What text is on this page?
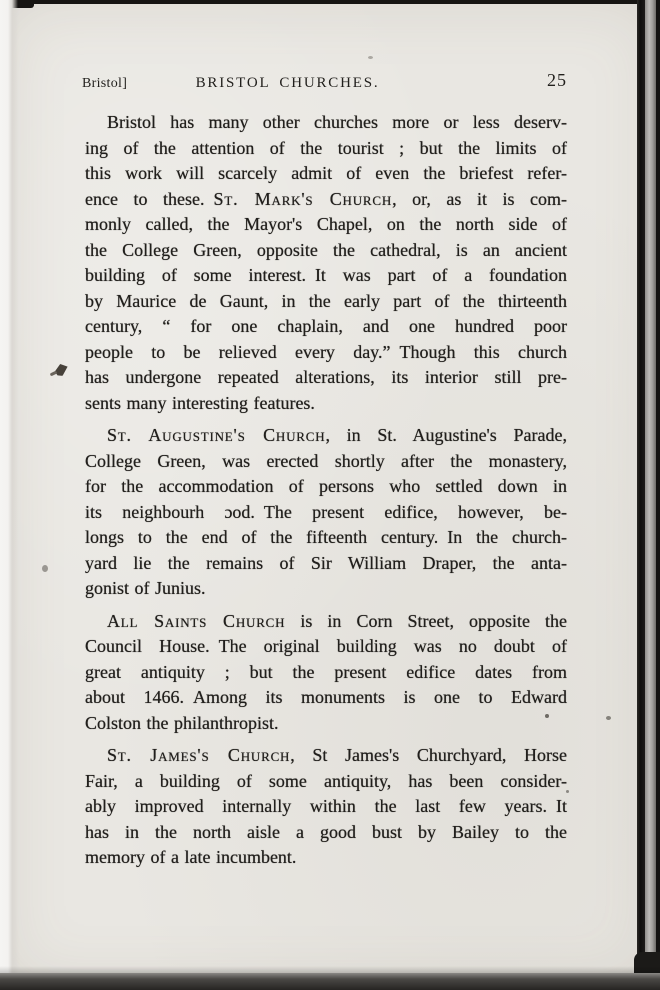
Bristol]	BRISTOL CHURCHES.	25
Bristol has many other churches more or less deserv-
ing of the attention of the tourist ; but the limits of
this work will scarcely admit of even the briefest refer-
ence to these. St. Mark's Church, or, as it is com-
monly called, the Mayor's Chapel, on the north side of
the College Green, opposite the cathedral, is an ancient
building of some interest. It was part of a foundation
by Maurice de Gaunt, in the early part of the thirteenth
century, “ for one chaplain, and one hundred poor
people to be relieved every day.” Though this church
has undergone repeated alterations, its interior still pre-
sents many interesting features.
St. Augustine's Church, in St. Augustine's Parade,
College Green, was erected shortly after the monastery,
for the accommodation of persons who settled down in
its neighbourh ɔod. The present edifice, however, be-
longs to the end of the fifteenth century. In the church-
yard lie the remains of Sir William Draper, the anta-
gonist of Junius.
All Saints Church is in Corn Street, opposite the
Council House. The original building was no doubt of
great antiquity ; but the present edifice dates from
about 1466. Among its monuments is one to Edward
Colston the philanthropist.
St. James's Church, St James's Churchyard, Horse
Fair, a building of some antiquity, has been consider-
ably improved internally within the last few years. It
has in the north aisle a good bust by Bailey to the
memory of a late incumbent.
